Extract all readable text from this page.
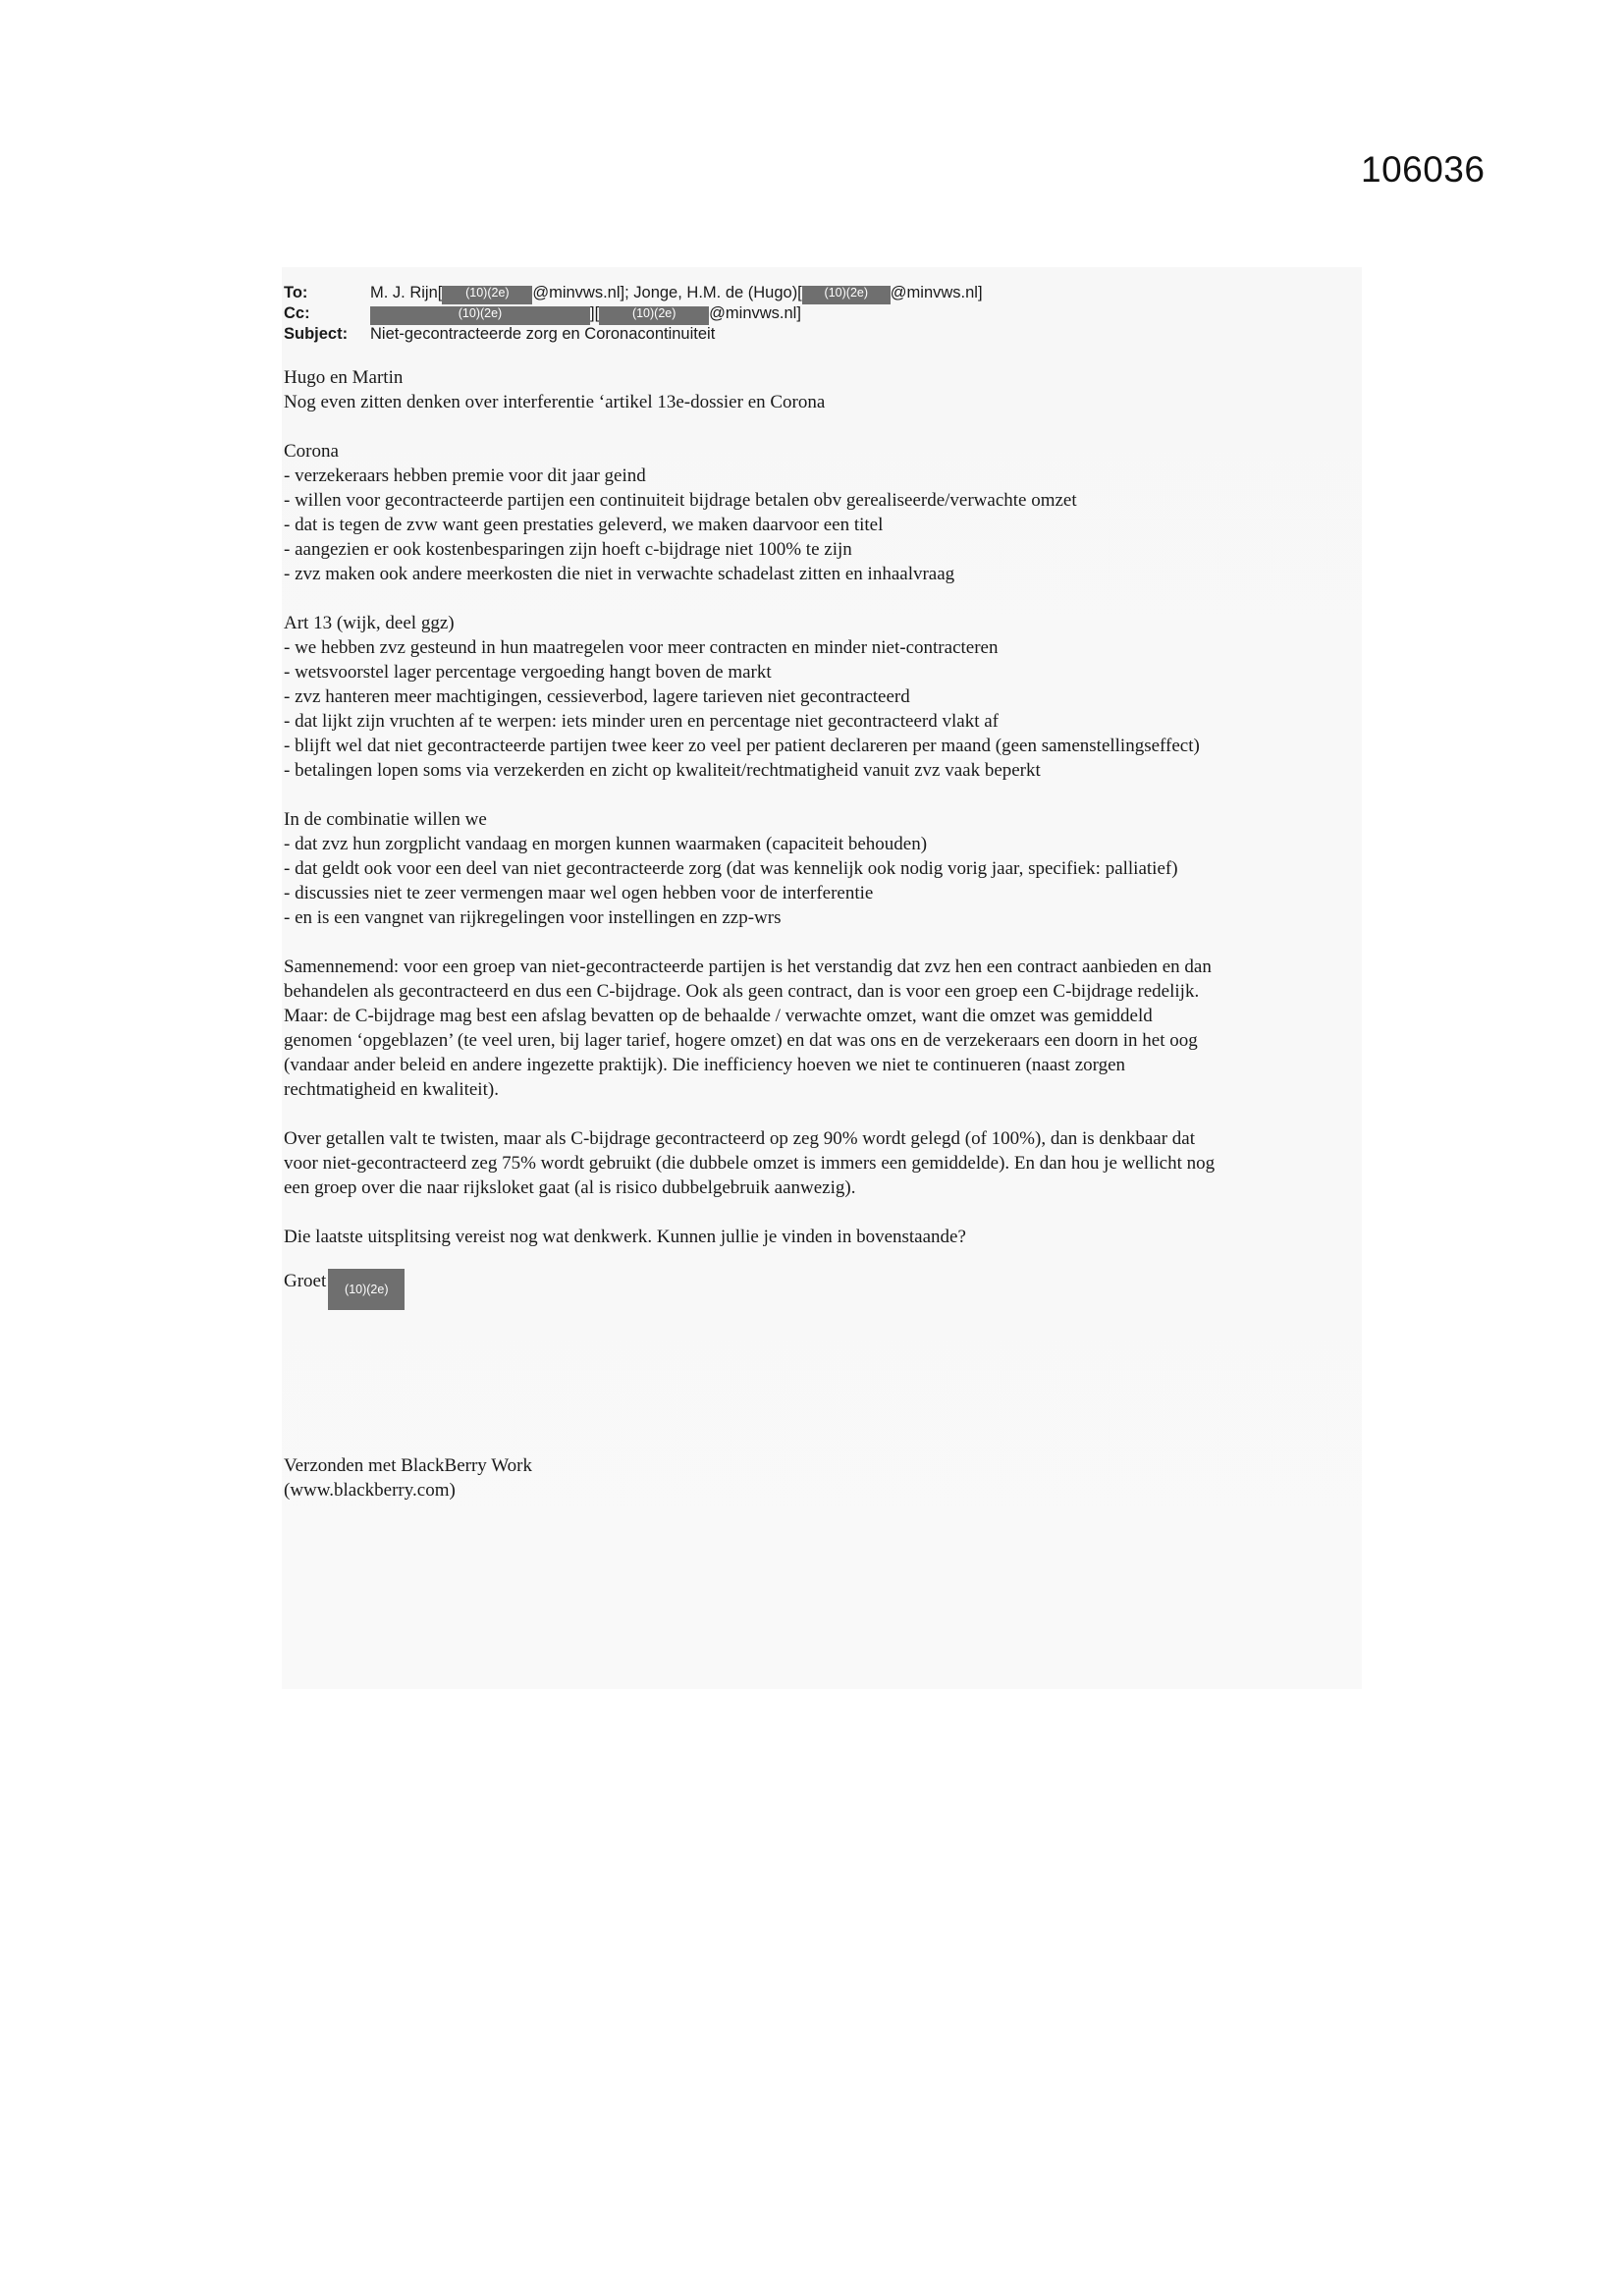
106036
To:	M. J. Rijn[ (10)(2e) @minvws.nl]; Jonge, H.M. de (Hugo)[ (10)(2e) @minvws.nl]
Cc:	(10)(2e)	][	(10)(2e) @minvws.nl]
Subject: Niet-gecontracteerde zorg en Coronacontinuiteit

Hugo en Martin

Nog even zitten denken over interferentie ‘artikel 13e-dossier en Corona

Corona

- verzekeraars hebben premie voor dit jaar geind

- willen voor gecontracteerde partijen een continuiteit bijdrage betalen obv gerealiseerde/verwachte omzet

- dat is tegen de zvw want geen prestaties geleverd, we maken daarvoor een titel

- aangezien er ook kostenbesparingen zijn hoeft c-bijdrage niet 100% te zijn

- zvz maken ook andere meerkosten die niet in verwachte schadelast zitten en inhaalvraag

Art 13 (wijk, deel ggz)

- we hebben zvz gesteund in hun maatregelen voor meer contracten en minder niet-contracteren

- wetsvoorstel lager percentage vergoeding hangt boven de markt

- zvz hanteren meer machtigingen, cessieverbod, lagere tarieven niet gecontracteerd

- dat lijkt zijn vruchten af te werpen: iets minder uren en percentage niet gecontracteerd vlakt af

- blijft wel dat niet gecontracteerde partijen twee keer zo veel per patient declareren per maand (geen samenstellingseffect)

- betalingen lopen soms via verzekerden en zicht op kwaliteit/rechtmatigheid vanuit zvz vaak beperkt

In de combinatie willen we

- dat zvz hun zorgplicht vandaag en morgen kunnen waarmaken (capaciteit behouden)

- dat geldt ook voor een deel van niet gecontracteerde zorg (dat was kennelijk ook nodig vorig jaar, specifiek: palliatief)

- discussies niet te zeer vermengen maar wel ogen hebben voor de interferentie

- en is een vangnet van rijkregelingen voor instellingen en zzp-wrs

Samennemend: voor een groep van niet-gecontracteerde partijen is het verstandig dat zvz hen een contract aanbieden en dan

behandelen als gecontracteerd en dus een C-bijdrage. Ook als geen contract, dan is voor een groep een C-bijdrage redelijk.

Maar: de C-bijdrage mag best een afslag bevatten op de behaalde / verwachte omzet, want die omzet was gemiddeld

genomen ‘opgeblazen’ (te veel uren, bij lager tarief, hogere omzet) en dat was ons en de verzekeraars een doorn in het oog

(vandaar ander beleid en andere ingezette praktijk). Die inefficiency hoeven we niet te continueren (naast zorgen

rechtmatigheid en kwaliteit).

Over getallen valt te twisten, maar als C-bijdrage gecontracteerd op zeg 90% wordt gelegd (of 100%), dan is denkbaar dat

voor niet-gecontracteerd zeg 75% wordt gebruikt (die dubbele omzet is immers een gemiddelde). En dan hou je wellicht nog

een groep over die naar rijksloket gaat (al is risico dubbelgebruik aanwezig).

Die laatste uitsplitsing vereist nog wat denkwerk. Kunnen jullie je vinden in bovenstaande?

Groet	(10)(2e)

Verzonden met BlackBerry Work

(www.blackberry.com)
